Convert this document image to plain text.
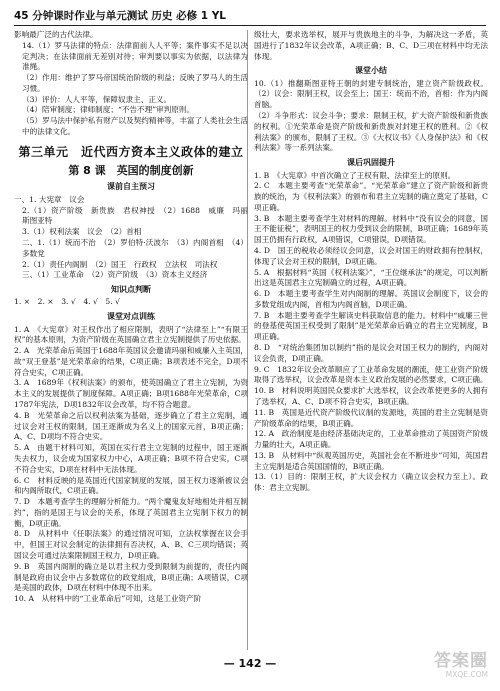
45 分钟课时作业与单元测试 历史 必修 1 YL

影响最广泛的古代法律。

14.（1）罗马法律的特点：法律面前人人平等；案件事实不足以决定判决；在法律面前无差别对待；审判要以事实为依据，以法律为准绳。

（2）作用：维护了罗马帝国统治阶级的利益；反映了罗马人的生活习惯。

（3）评价：人人平等，保障奴隶主、正义。

（4）陪审制度；律师制度；“不告不理”审判原则。

（5）罗马法中保护私有财产以及契约精神等，丰富了人类社会生活中的法律文化。

第三单元　近代西方资本主义政体的建立
第 8 课　英国的制度创新
课前自主预习

一、1. 大宪章　议会

2.（1）资产阶级　新贵族　君权神授　（2）1688　威廉　玛丽　斯图亚特

3.（1）权利法案　议会　（2）首相

二、1.（1）统而不治　（2）罗伯特·沃波尔　（3）内阁首相　（4）多数党

2.（1）责任内阁制　（2）国王　行政权　立法权　司法权

三、（1）工业革命　（2）资产阶级　（3）资本主义经济

知识点判断

1. ×　2. ×　3. √　4. √　5. √

课堂对点训练

1. A　《大宪章》对王权作出了相应限制，表明了“法律至上”“有限王权”的基本原则，为资产阶级在英国确立君主立宪制提供了历史依据。

2. A　光荣革命后英国于1688年英国议会邀请玛丽和威廉入主英国，故“双王登基”是光荣革命的结果，C项正确；B项表述不完全，D项不符合史实，C项正确。

3. A　1689年《权利法案》的颁布，使英国确立了君主立宪制，为资本主义的发展提供了制度保障。A项正确；B项1688年光荣革命，C项1787年宪法，D项1832年议会改革，均不符合题意。

4. B　光荣革命之后以权利法案为基础，逐步确立了君主立宪制，通过议会对王权的限制，国王逐渐成为名义上的国家元首，B项正确；A、C、D项均不符合史实。

5. A　由题干材料可知，英国在实行君主立宪制的过程中，国王逐渐失去权力，议会成为国家权力中心，A项正确；B项不符合史实，C项不符合史实，D项在材料中无法体现。

6. C　材料反映的是英国近代国家制度的发展，国王权力逐渐被议会和内阁所取代，C项正确。

7. D　本题考查学生的理解分析能力。“两个魔鬼友好地相处并相互制约”，指的是国王与议会的关系，体现了英国君主立宪制下权力的制衡，D项正确。

8. D　从材料中《任职法案》的通过情况可知，立法权掌握在议会手中，但国王对议会制定的法律拥有否决权，A、B、C三项均错误；英国议会可通过法案限制国王权力，D项正确。

9. B　英国内阁制的确立是以君主权力受到限制为前提的，责任内阁制是政府由议会中占多数席位的政党组成，B项正确；A项错误，C项是美国的政体，D项在材料中体现不出来。

10. A　从材料中的“工业革命后”可知，这是工业资产阶

级壮大，要求选举权，展开与贵族地主的斗争，为解决这一矛盾，英国进行了1832年议会改革，A项正确；B、C、D三项在材料中均无法体现。

课堂小结

10.（1）推翻斯图亚特王朝的封建专制统治，建立资产阶级政权。（2）议会：限制王权，议会至上；国王：统而不治，首相：作为内阁首脑。

（2）斗争形式：议会斗争；要求：限制王权，扩大资产阶级和新贵族的权利。①光荣革命是资产阶级和新贵族对封建王权的胜利。②《权利法案》的颁布，限制了王权。③《大权议书》《人身保护法》和《权利法案》等一系列法案。

课后巩固提升

1. B　《大宪章》中首次确立了王权有限、法律至上的原则。

2. C　本题主要考查“光荣革命”。“光荣革命”建立了资产阶级和新贵族的统治，为《权利法案》的颁布和君主立宪制的确立奠定了基础，C项正确。

3. B　本题主要考查学生对材料的理解。材料中“没有议会的同意，国王不能征税”，表明国王的权力受到议会的限制，B项正确；1689年英国王仍拥有行政权，A项错误，C项错误，D项错误。

4. D　国王的税收必须经议会同意，议会对国王的财政拥有控制权，体现了议会对王权的限制，D项正确。

5. A　根据材料“英国《权利法案》”，“王位继承法”的规定，可以判断出这是英国君主立宪制确立的过程，A项正确。

6. D　本题主要考查学生对内阁制的理解。英国议会制度下，议会的多数党组成内阁，首相为内阁首脑，D项正确。

7. B　本题主要考查学生解读史料获取信息的能力。材料中“威廉三世的登基使英国王权受到了限制”是光荣革命后确立的君主立宪制度，B项正确。

8. D　“对统治集团加以制约”指的是议会对国王权力的制约，内阁对议会负责，D项正确。

9. C　1832年议会改革顺应了工业革命发展的潮流，使工业资产阶级取得了选举权，议会改革是资本主义政治发展的必然要求，C项正确。

10. B　材料说明英国民众要求扩大选举权，议会改革使更多的人拥有了选举权，A、C、D项不符合史实，B项正确。

11. B　英国是近代资产阶级代议制的发源地，英国的君主立宪制是资产阶级革命的结果，B项正确。

12. A　政治制度是由经济基础决定的，工业革命推动了英国资产阶级力量的壮大，A项正确。

13. B　从材料中“纵观英国历史，英国社会在不断进步”可知，英国君主立宪制是适合英国国情的，B项正确。

13.（1）目的：限制王权，扩大议会权力（确立议会权力至上）。政体：君主立宪制。

— 142 —	答案圈
MXQE.COM
